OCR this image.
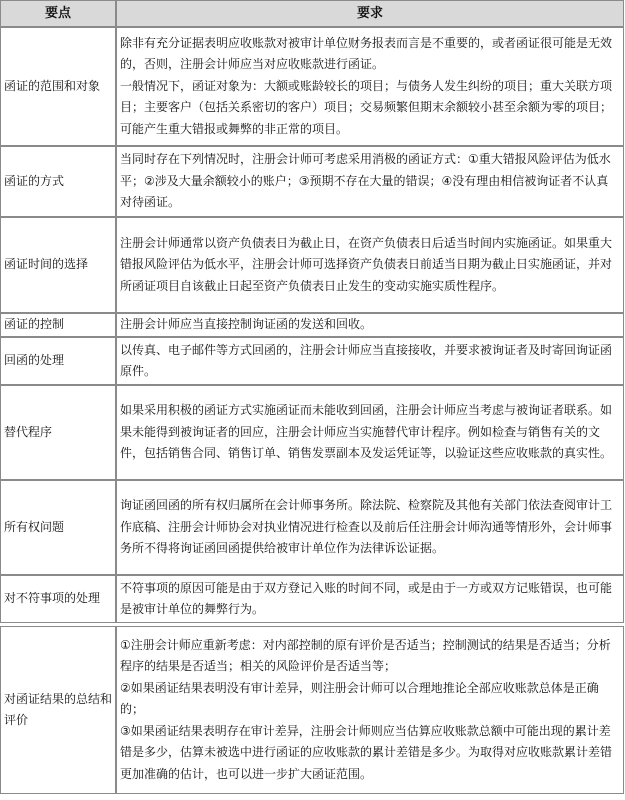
要点	要求
函证的范围和对象	除非有充分证据表明应收账款对被审计单位财务报表而言是不重要的，或者函证很可能是无效的，否则，注册会计师应当对应收账款进行函证。
一般情况下，函证对象为：大额或账龄较长的项目；与债务人发生纠纷的项目；重大关联方项目；主要客户（包括关系密切的客户）项目；交易频繁但期末余额较小甚至余额为零的项目；可能产生重大错报或舞弊的非正常的项目。

函证的方式	当同时存在下列情况时，注册会计师可考虑采用消极的函证方式：①重大错报风险评估为低水平；②涉及大量余额较小的账户；③预期不存在大量的错误；④没有理由相信被询证者不认真对待函证。

函证时间的选择	注册会计师通常以资产负债表日为截止日，在资产负债表日后适当时间内实施函证。如果重大错报风险评估为低水平，注册会计师可选择资产负债表日前适当日期为截止日实施函证，并对所函证项目自该截止日起至资产负债表日止发生的变动实施实质性程序。

函证的控制	注册会计师应当直接控制询证函的发送和回收。

回函的处理	以传真、电子邮件等方式回函的，注册会计师应当直接接收，并要求被询证者及时寄回询证函原件。

替代程序	如果采用积极的函证方式实施函证而未能收到回函，注册会计师应当考虑与被询证者联系。如果未能得到被询证者的回应，注册会计师应当实施替代审计程序。例如检查与销售有关的文件，包括销售合同、销售订单、销售发票副本及发运凭证等，以验证这些应收账款的真实性。

所有权问题	询证函回函的所有权归属所在会计师事务所。除法院、检察院及其他有关部门依法查阅审计工作底稿、注册会计师协会对执业情况进行检查以及前后任注册会计师沟通等情形外，会计师事务所不得将询证函回函提供给被审计单位作为法律诉讼证据。

对不符事项的处理	不符事项的原因可能是由于双方登记入账的时间不同，或是由于一方或双方记账错误，也可能是被审计单位的舞弊行为。

对函证结果的总结和评价	①注册会计师应重新考虑：对内部控制的原有评价是否适当；控制测试的结果是否适当；分析程序的结果是否适当；相关的风险评价是否适当等；
②如果函证结果表明没有审计差异，则注册会计师可以合理地推论全部应收账款总体是正确的；
③如果函证结果表明存在审计差异，注册会计师则应当估算应收账款总额中可能出现的累计差错是多少，估算未被选中进行函证的应收账款的累计差错是多少。为取得对应收账款累计差错更加准确的估计，也可以进一步扩大函证范围。
